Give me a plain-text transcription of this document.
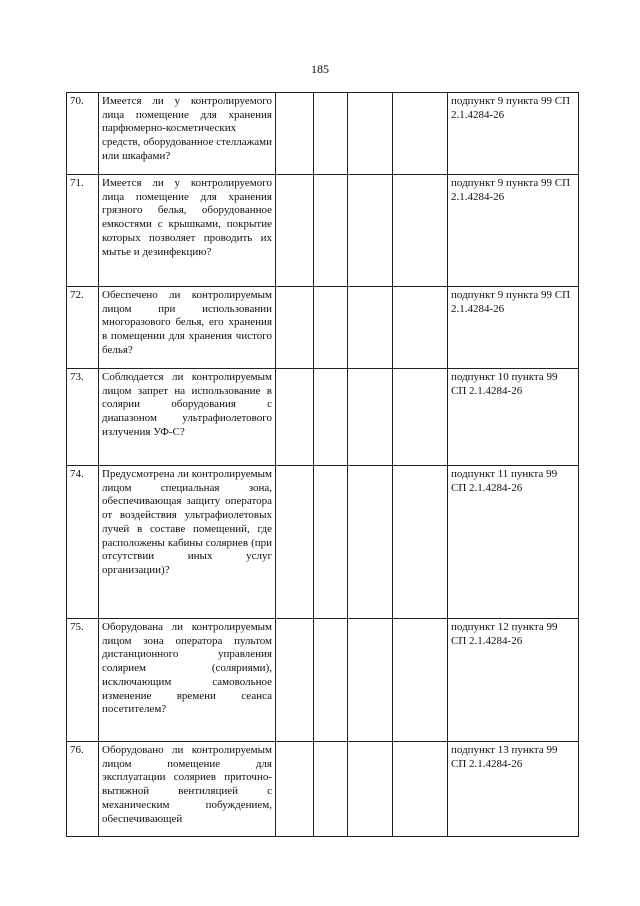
185
70.	Имеется ли у контролируемого лица помещение для хранения парфюмерно-косметических средств, оборудованное стеллажами или шкафами?					подпункт 9 пункта 99 СП 2.1.4284-26
71.	Имеется ли у контролируемого лица помещение для хранения грязного белья, оборудованное емкостями с крышками, покрытие которых позволяет проводить их мытье и дезинфекцию?					подпункт 9 пункта 99 СП 2.1.4284-26
72.	Обеспечено ли контролируемым лицом при использовании многоразового белья, его хранения в помещении для хранения чистого белья?					подпункт 9 пункта 99 СП 2.1.4284-26
73.	Соблюдается ли контролируемым лицом запрет на использование в солярии оборудования с диапазоном ультрафиолетового излучения УФ-С?					подпункт 10 пункта 99 СП 2.1.4284-26
74.	Предусмотрена ли контролируемым лицом специальная зона, обеспечивающая защиту оператора от воздействия ультрафиолетовых лучей в составе помещений, где расположены кабины соляриев (при отсутствии иных услуг организации)?					подпункт 11 пункта 99 СП 2.1.4284-26
75.	Оборудована ли контролируемым лицом зона оператора пультом дистанционного управления солярием (соляриями), исключающим самовольное изменение времени сеанса посетителем?					подпункт 12 пункта 99 СП 2.1.4284-26
76.	Оборудовано ли контролируемым лицом помещение для эксплуатации соляриев приточно-вытяжной вентиляцией с механическим побуждением, обеспечивающей					подпункт 13 пункта 99 СП 2.1.4284-26
